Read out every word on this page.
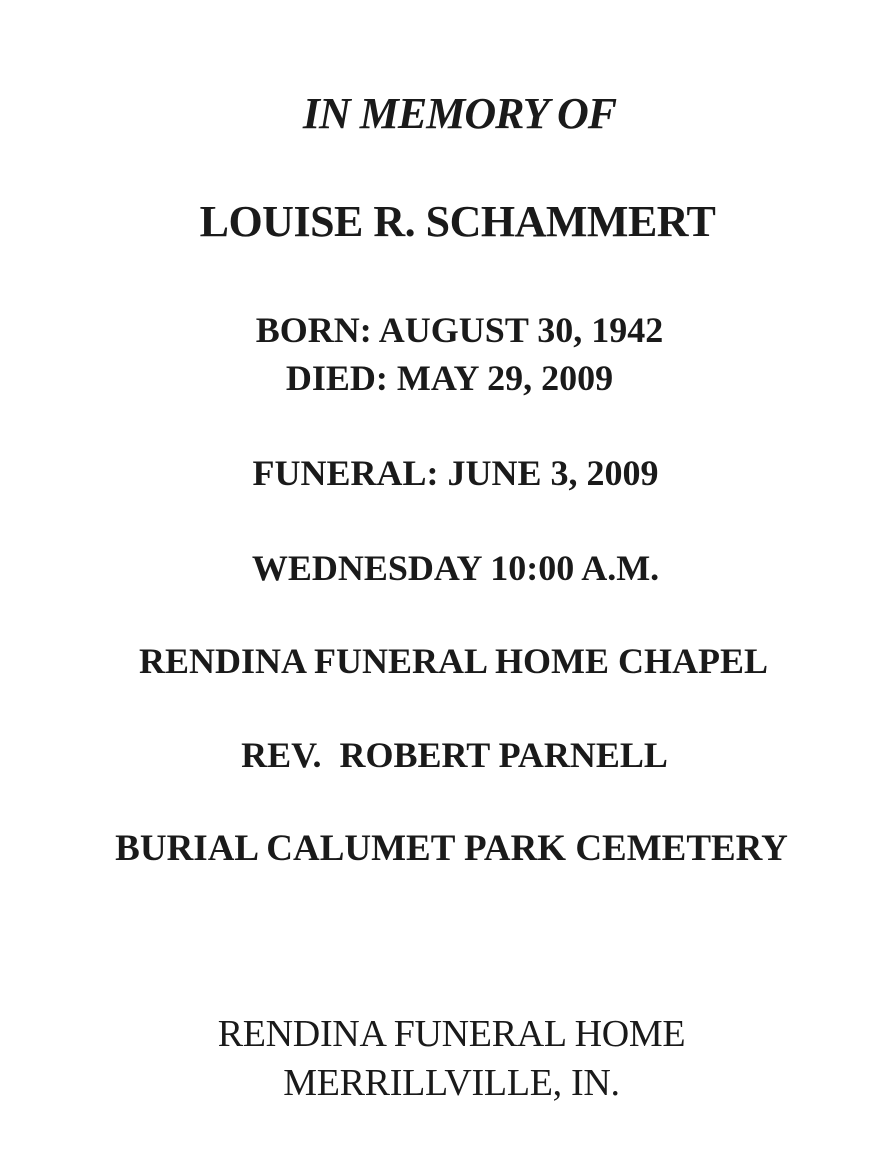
IN MEMORY OF
LOUISE R. SCHAMMERT
BORN: AUGUST 30, 1942
DIED: MAY 29, 2009
FUNERAL: JUNE 3, 2009
WEDNESDAY 10:00 A.M.
RENDINA FUNERAL HOME CHAPEL
REV.  ROBERT PARNELL
BURIAL CALUMET PARK CEMETERY
RENDINA FUNERAL HOME
MERRILLVILLE, IN.
